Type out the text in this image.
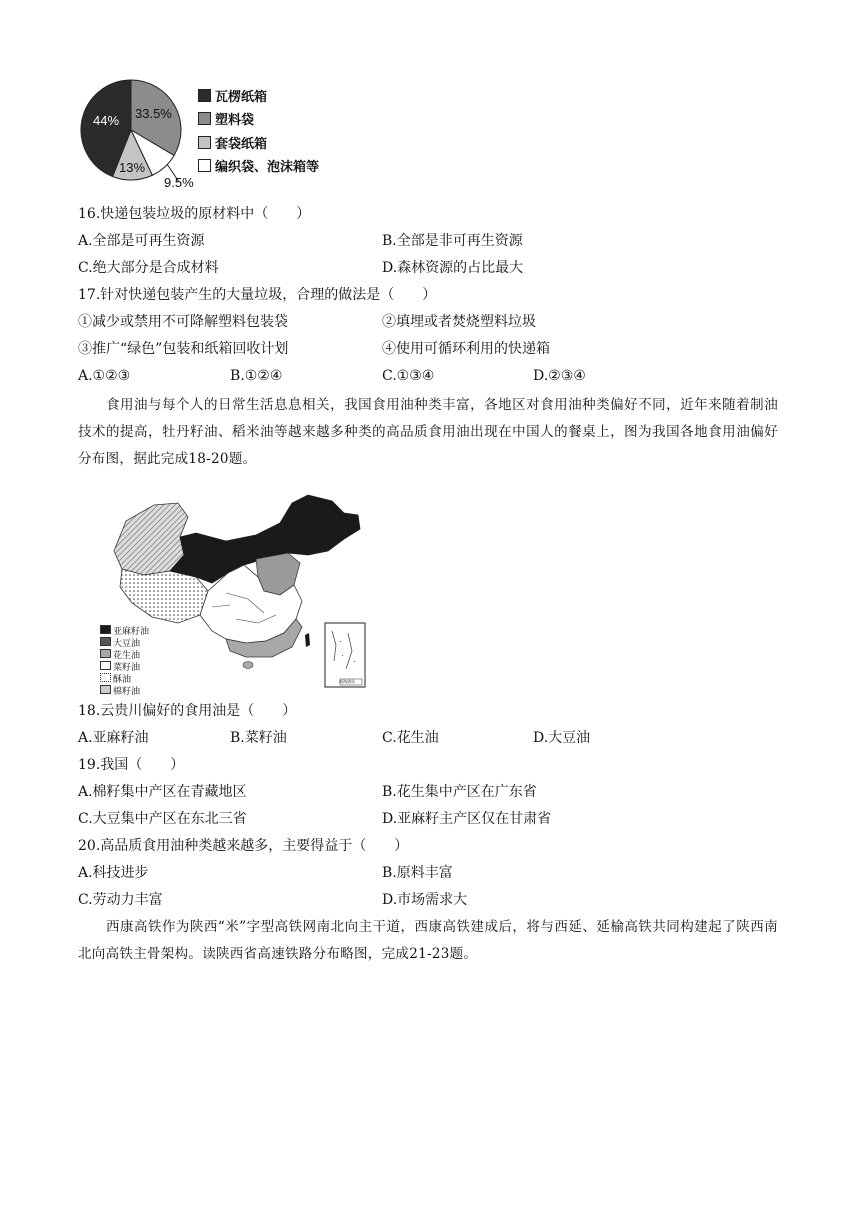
44% 33.5%
13%
9.5%
瓦楞纸箱
塑料袋
套袋纸箱
编织袋、泡沫箱等
16.快递包装垃圾的原材料中（　　）
A.全部是可再生资源	B.全部是非可再生资源
C.绝大部分是合成材料	D.森林资源的占比最大
17.针对快递包装产生的大量垃圾，合理的做法是（　　）
①减少或禁用不可降解塑料包装袋	②填埋或者焚烧塑料垃圾
③推广“绿色”包装和纸箱回收计划	④使用可循环利用的快递箱
A.①②③	B.①②④	C.①③④	D.②③④
食用油与每个人的日常生活息息相关，我国食用油种类丰富，各地区对食用油种类偏好不同，近年来随着制油技术的提高，牡丹籽油、稻米油等越来越多种类的高品质食用油出现在中国人的餐桌上，图为我国各地食用油偏好分布图，据此完成18-20题。
南海诸岛
亚麻籽油
大豆油
花生油
菜籽油
酥油
棉籽油
18.云贵川偏好的食用油是（　　）
A.亚麻籽油	B.菜籽油	C.花生油	D.大豆油
19.我国（　　）
A.棉籽集中产区在青藏地区	B.花生集中产区在广东省
C.大豆集中产区在东北三省	D.亚麻籽主产区仅在甘肃省
20.高品质食用油种类越来越多，主要得益于（　　）
A.科技进步	B.原料丰富
C.劳动力丰富	D.市场需求大
西康高铁作为陕西“米”字型高铁网南北向主干道，西康高铁建成后，将与西延、延榆高铁共同构建起了陕西南北向高铁主骨架构。读陕西省高速铁路分布略图，完成21-23题。
